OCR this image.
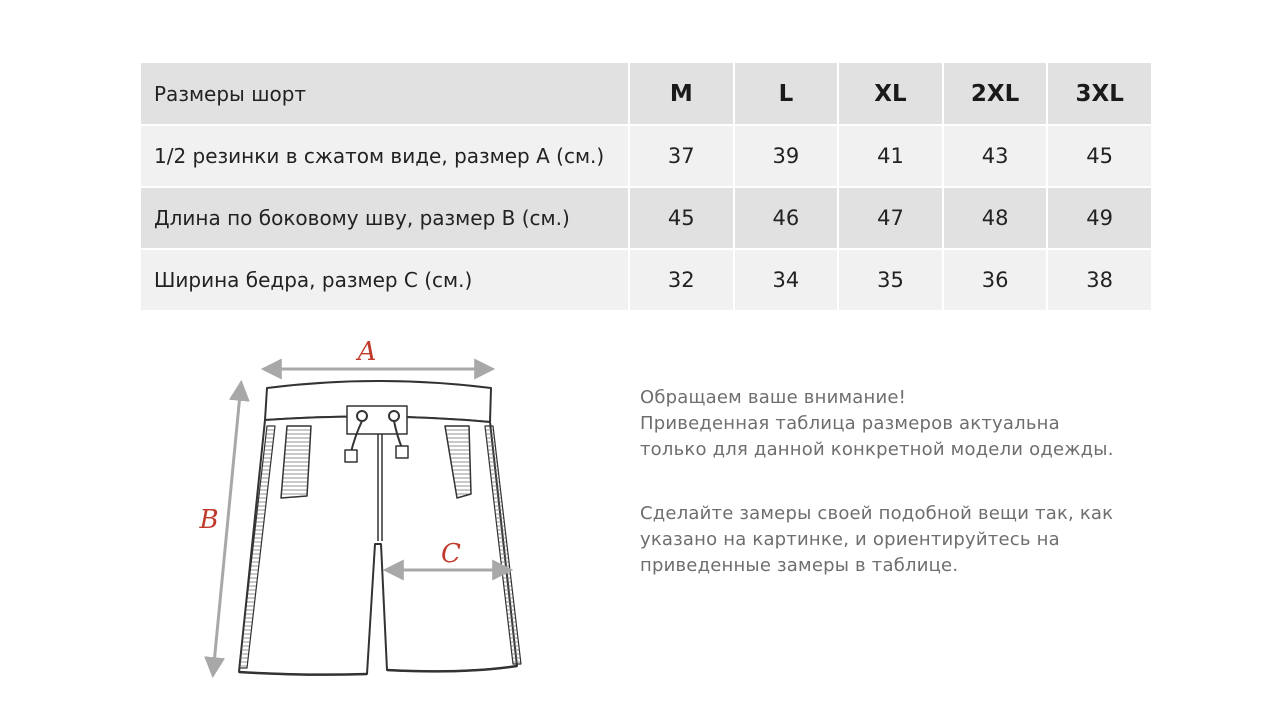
Размеры шорт	M	L	XL	2XL	3XL
1/2 резинки в сжатом виде, размер А (см.)	37	39	41	43	45
Длина по боковому шву, размер В (см.)	45	46	47	48	49
Ширина бедра, размер С (см.)	32	34	35	36	38
A
B
C

Обращаем ваше внимание!

Приведенная таблица размеров актуальна

только для данной конкретной модели одежды.

Сделайте замеры своей подобной вещи так, как

указано на картинке, и ориентируйтесь на

приведенные замеры в таблице.
